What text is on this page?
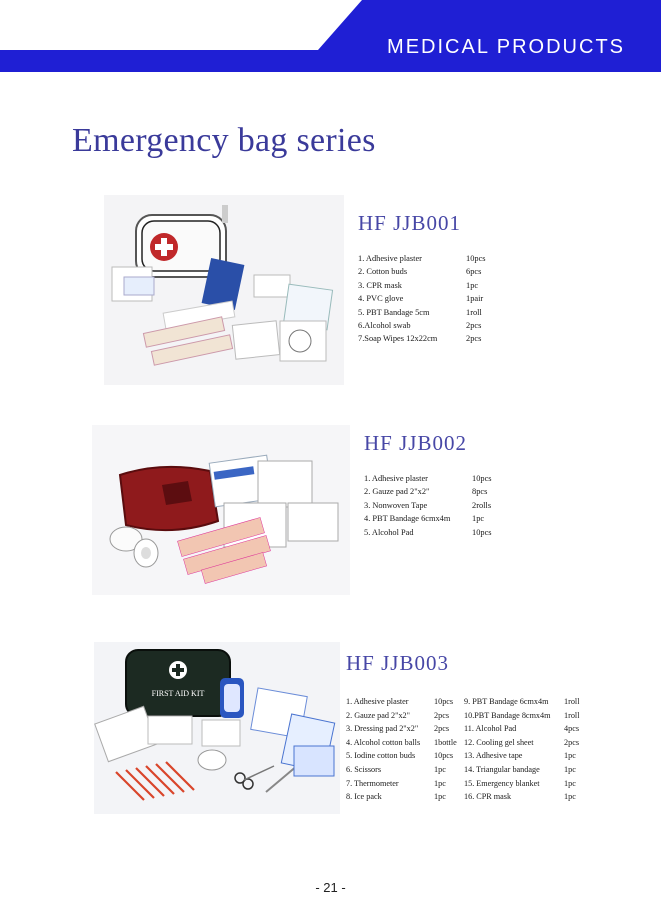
MEDICAL PRODUCTS
Emergency bag series
HF JJB001
1. Adhesive plaster	10pcs
2. Cotton buds	6pcs
3. CPR mask	1pc
4. PVC glove	1pair
5. PBT Bandage 5cm	1roll
6.Alcohol swab	2pcs
7.Soap Wipes 12x22cm	2pcs
HF JJB002
1. Adhesive plaster	10pcs
2. Gauze pad 2"x2"	8pcs
3. Nonwoven Tape	2rolls
4. PBT Bandage 6cmx4m	1pc
5. Alcohol Pad	10pcs
FIRST AID KIT
HF JJB003
1. Adhesive plaster	10pcs	9. PBT Bandage 6cmx4m	1roll
2. Gauze pad 2"x2"	2pcs	10.PBT Bandage 8cmx4m	1roll
3. Dressing pad 2"x2"	2pcs	11. Alcohol Pad	4pcs
4. Alcohol cotton balls	1bottle 12. Cooling gel sheet	2pcs
5. Iodine cotton buds	10pcs	13. Adhesive tape	1pc
6. Scissors	1pc	14. Triangular bandage	1pc
7. Thermometer	1pc	15. Emergency blanket	1pc
8. Ice pack	1pc	16. CPR mask	1pc
- 21 -
